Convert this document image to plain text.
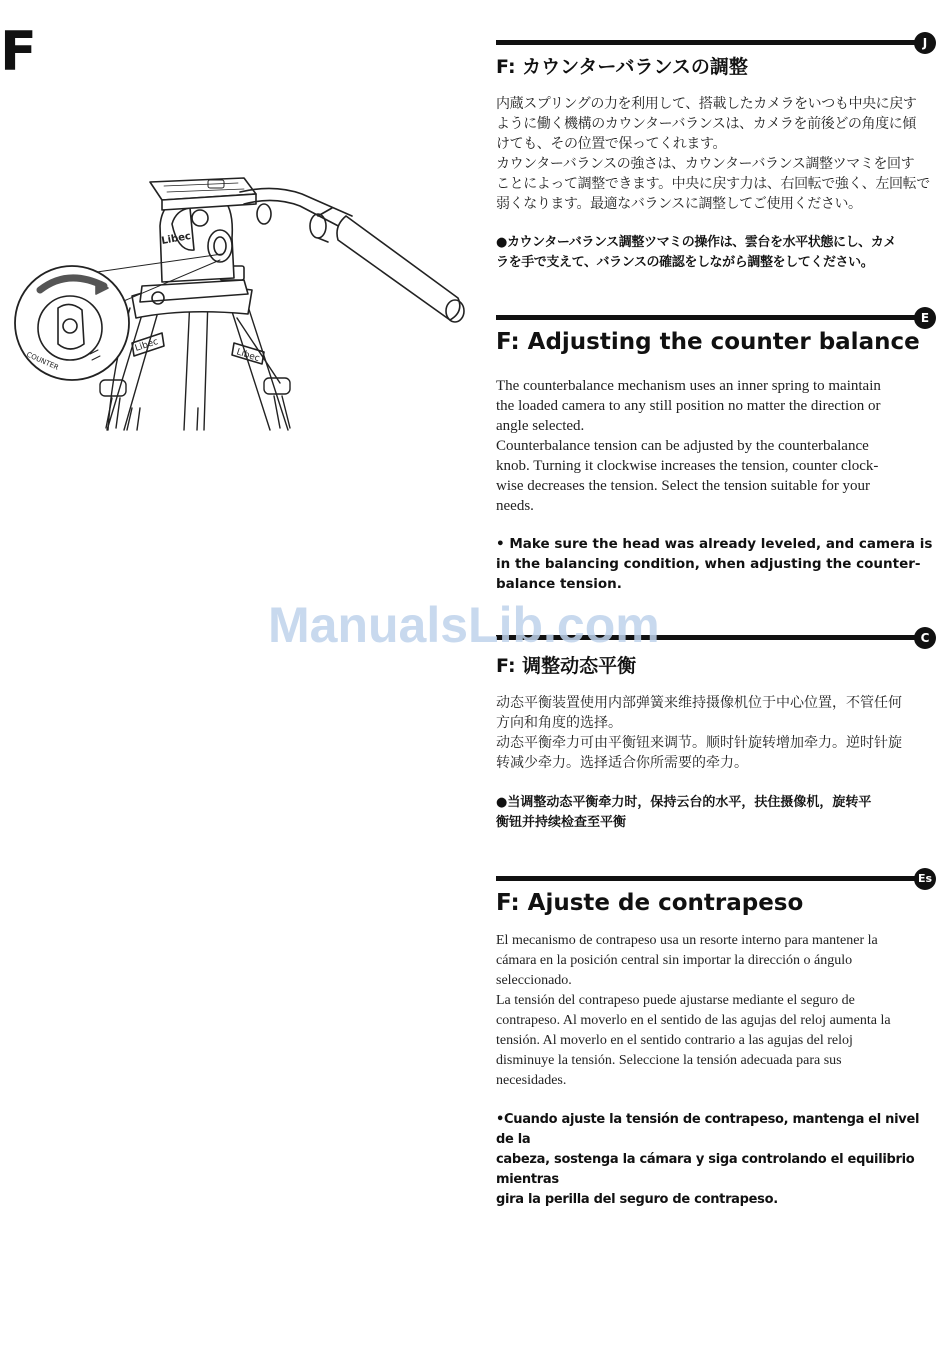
F
Libec
Libec
Libec
COUNTER
J
F: カウンターバランスの調整
内蔵スプリングの力を利用して、搭載したカメラをいつも中央に戻す
ように働く機構のカウンターバランスは、カメラを前後どの角度に傾
けても、その位置で保ってくれます。
カウンターバランスの強さは、カウンターバランス調整ツマミを回す
ことによって調整できます。中央に戻す力は、右回転で強く、左回転で
弱くなります。最適なバランスに調整してご使用ください。
●カウンターバランス調整ツマミの操作は、雲台を水平状態にし、カメ
ラを手で支えて、バランスの確認をしながら調整をしてください。
E
F: Adjusting the counter balance
The counterbalance mechanism uses an inner spring to maintain
the loaded camera to any still position no matter the direction or
angle selected.
Counterbalance tension can be adjusted by the counterbalance
knob. Turning it clockwise increases the tension, counter clock-
wise decreases the tension. Select the tension suitable for your
needs.
• Make sure the head was already leveled, and camera is
in the balancing condition, when adjusting the counter-
balance tension.
C
F: 调整动态平衡
动态平衡装置使用内部弹簧来维持摄像机位于中心位置，不管任何
方向和角度的选择。
动态平衡牵力可由平衡钮来调节。顺时针旋转增加牵力。逆时针旋
转减少牵力。选择适合你所需要的牵力。
●当调整动态平衡牵力时，保持云台的水平，扶住摄像机，旋转平
衡钮并持续检查至平衡
Es
F: Ajuste de contrapeso
El mecanismo de contrapeso usa un resorte interno para mantener la
cámara en la posición central sin importar la dirección o ángulo
seleccionado.
La tensión del contrapeso puede ajustarse mediante el seguro de
contrapeso. Al moverlo en el sentido de las agujas del reloj aumenta la
tensión. Al moverlo en el sentido contrario a las agujas del reloj
disminuye la tensión. Seleccione la tensión adecuada para sus
necesidades.
•Cuando ajuste la tensión de contrapeso, mantenga el nivel de la
cabeza, sostenga la cámara y siga controlando el equilibrio mientras
gira la perilla del seguro de contrapeso.
ManualsLib.com
